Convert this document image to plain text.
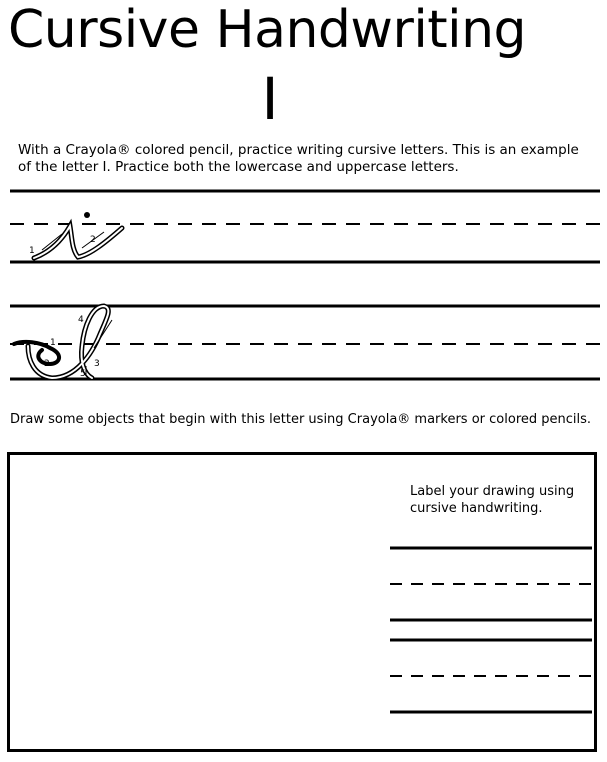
Cursive Handwriting
I
With a Crayola® colored pencil, practice writing cursive letters. This is an example of the letter I. Practice both the lowercase and uppercase letters.
1
2
1
2	3
4
5
Draw some objects that begin with this letter using Crayola® markers or colored pencils.
Label your drawing using cursive handwriting.
